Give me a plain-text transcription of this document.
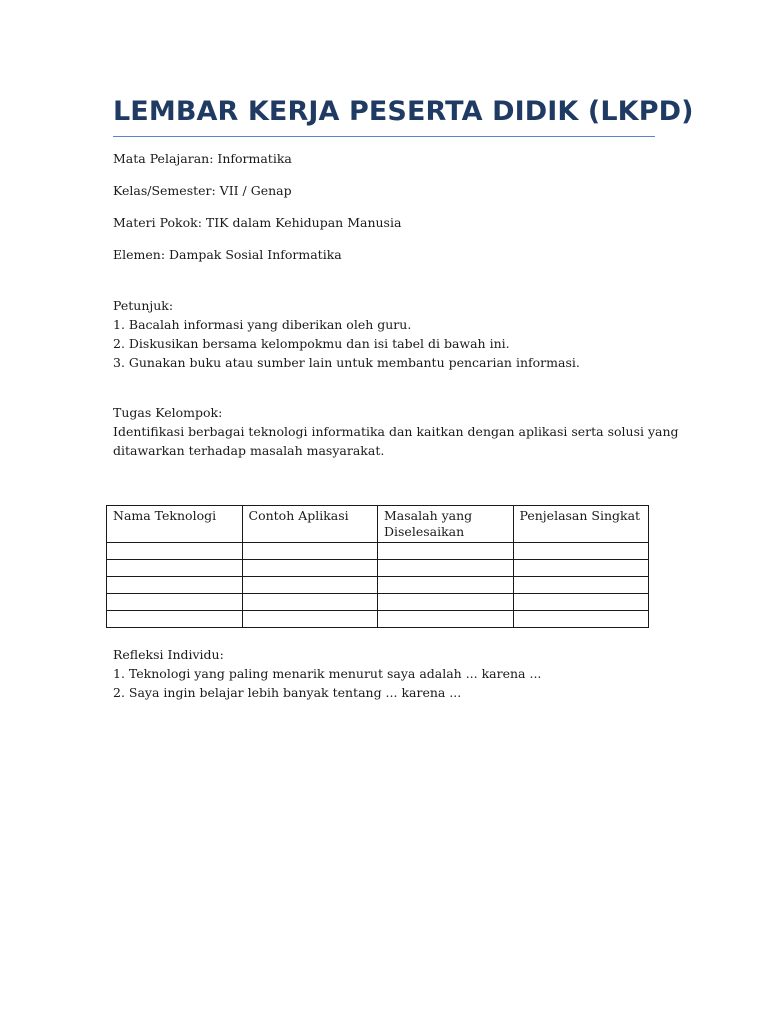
LEMBAR KERJA PESERTA DIDIK (LKPD)

Mata Pelajaran: Informatika

Kelas/Semester: VII / Genap

Materi Pokok: TIK dalam Kehidupan Manusia

Elemen: Dampak Sosial Informatika

Petunjuk:
1. Bacalah informasi yang diberikan oleh guru.
2. Diskusikan bersama kelompokmu dan isi tabel di bawah ini.
3. Gunakan buku atau sumber lain untuk membantu pencarian informasi.
Tugas Kelompok:
Identifikasi berbagai teknologi informatika dan kaitkan dengan aplikasi serta solusi yang
ditawarkan terhadap masalah masyarakat.
Nama Teknologi	Contoh Aplikasi	Masalah yang Diselesaikan	Penjelasan Singkat

Refleksi Individu:
1. Teknologi yang paling menarik menurut saya adalah ... karena ...
2. Saya ingin belajar lebih banyak tentang ... karena ...
